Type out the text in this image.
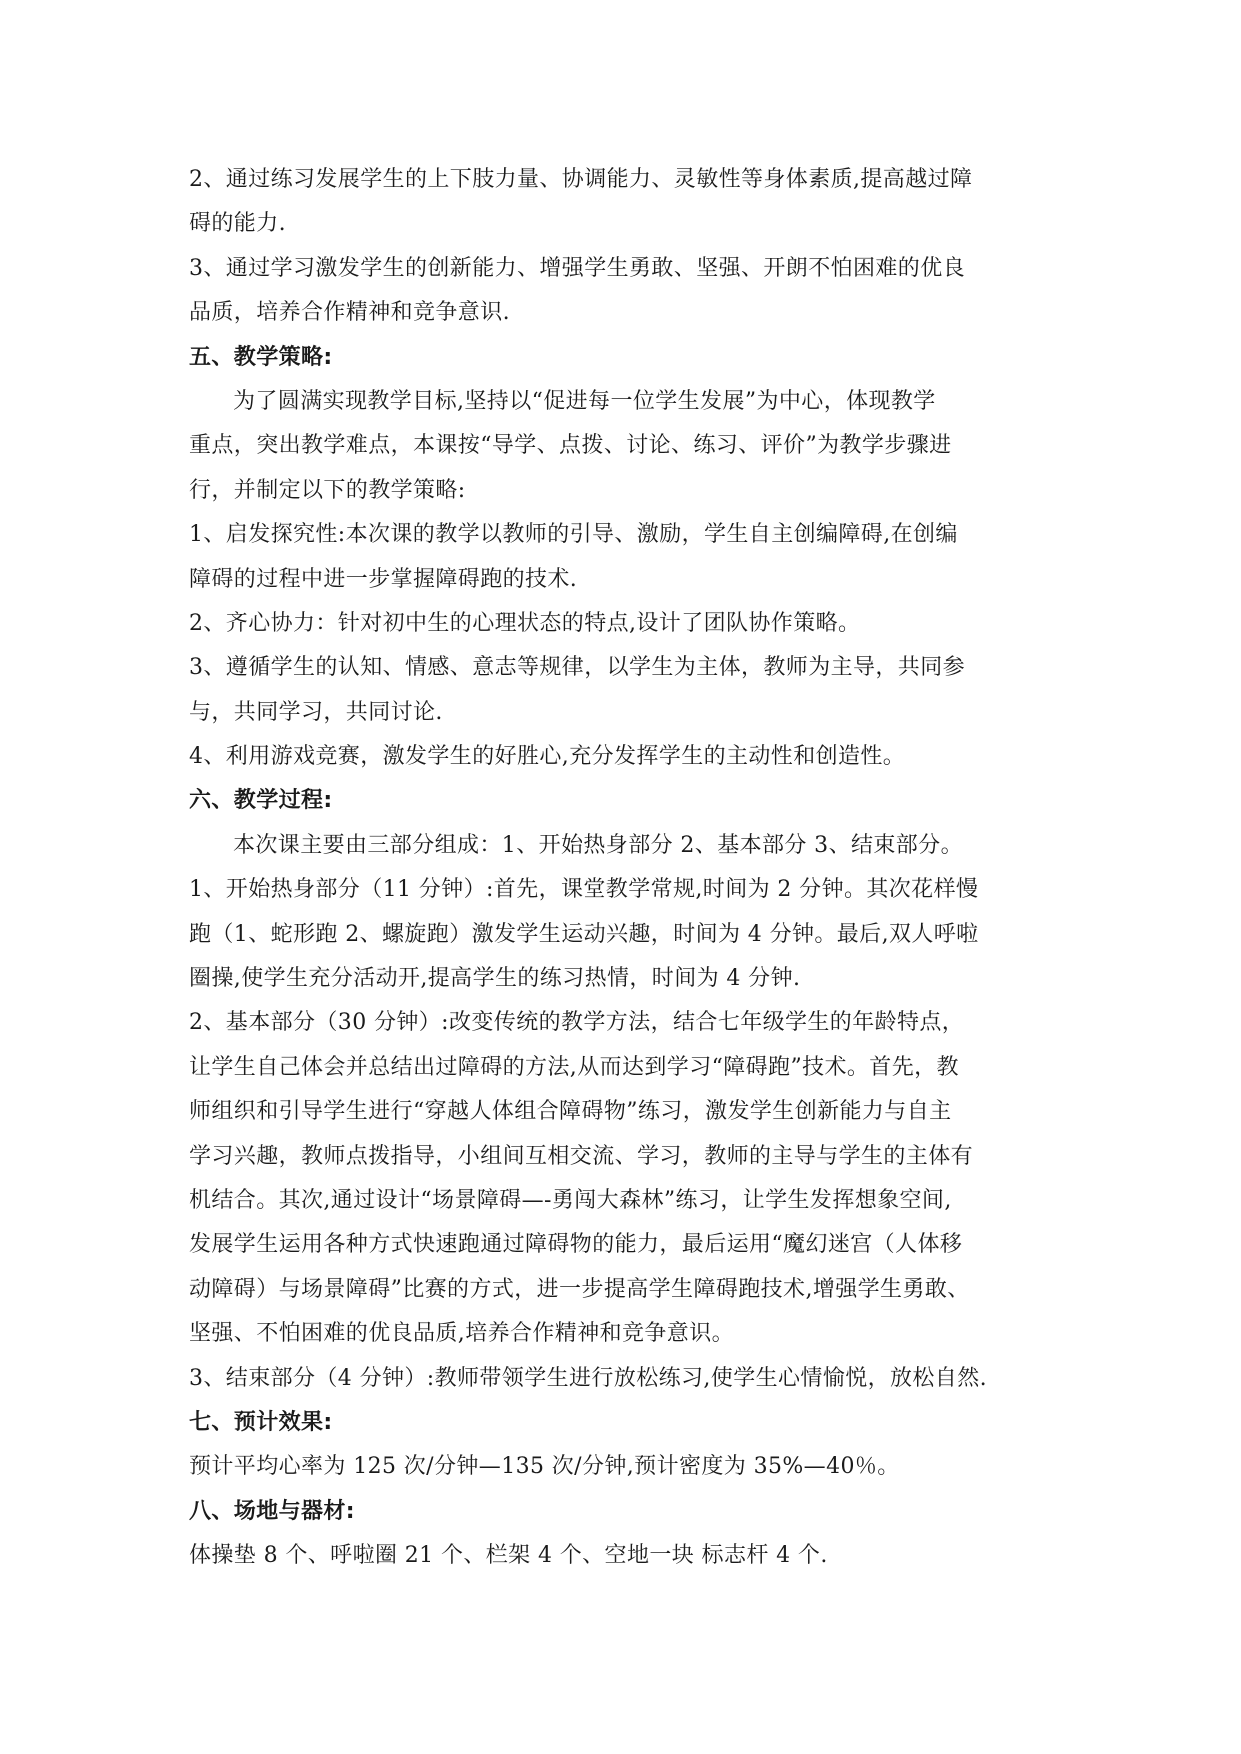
2、通过练习发展学生的上下肢力量、协调能力、灵敏性等身体素质,提高越过障
碍的能力.
3、通过学习激发学生的创新能力、增强学生勇敢、坚强、开朗不怕困难的优良
品质，培养合作精神和竞争意识.
五、教学策略:
为了圆满实现教学目标,坚持以“促进每一位学生发展”为中心，体现教学
重点，突出教学难点，本课按“导学、点拨、讨论、练习、评价”为教学步骤进
行，并制定以下的教学策略:
1、启发探究性:本次课的教学以教师的引导、激励，学生自主创编障碍,在创编
障碍的过程中进一步掌握障碍跑的技术.
2、齐心协力：针对初中生的心理状态的特点,设计了团队协作策略。
3、遵循学生的认知、情感、意志等规律，以学生为主体，教师为主导，共同参
与，共同学习，共同讨论.
4、利用游戏竞赛，激发学生的好胜心,充分发挥学生的主动性和创造性。
六、教学过程:
本次课主要由三部分组成：1、开始热身部分 2、基本部分 3、结束部分。
1、开始热身部分（11 分钟）:首先，课堂教学常规,时间为 2 分钟。其次花样慢
跑（1、蛇形跑 2、螺旋跑）激发学生运动兴趣，时间为 4 分钟。最后,双人呼啦
圈操,使学生充分活动开,提高学生的练习热情，时间为 4 分钟.
2、基本部分（30 分钟）:改变传统的教学方法，结合七年级学生的年龄特点，
让学生自己体会并总结出过障碍的方法,从而达到学习“障碍跑”技术。首先，教
师组织和引导学生进行“穿越人体组合障碍物”练习，激发学生创新能力与自主
学习兴趣，教师点拨指导，小组间互相交流、学习，教师的主导与学生的主体有
机结合。其次,通过设计“场景障碍—-勇闯大森林”练习，让学生发挥想象空间,
发展学生运用各种方式快速跑通过障碍物的能力，最后运用“魔幻迷宫（人体移
动障碍）与场景障碍”比赛的方式，进一步提高学生障碍跑技术,增强学生勇敢、
坚强、不怕困难的优良品质,培养合作精神和竞争意识。
3、结束部分（4 分钟）:教师带领学生进行放松练习,使学生心情愉悦，放松自然.
七、预计效果:
预计平均心率为 125 次/分钟—135 次/分钟,预计密度为 35%—40％。
八、场地与器材:
体操垫 8 个、呼啦圈 21 个、栏架 4 个、空地一块 标志杆 4 个.
